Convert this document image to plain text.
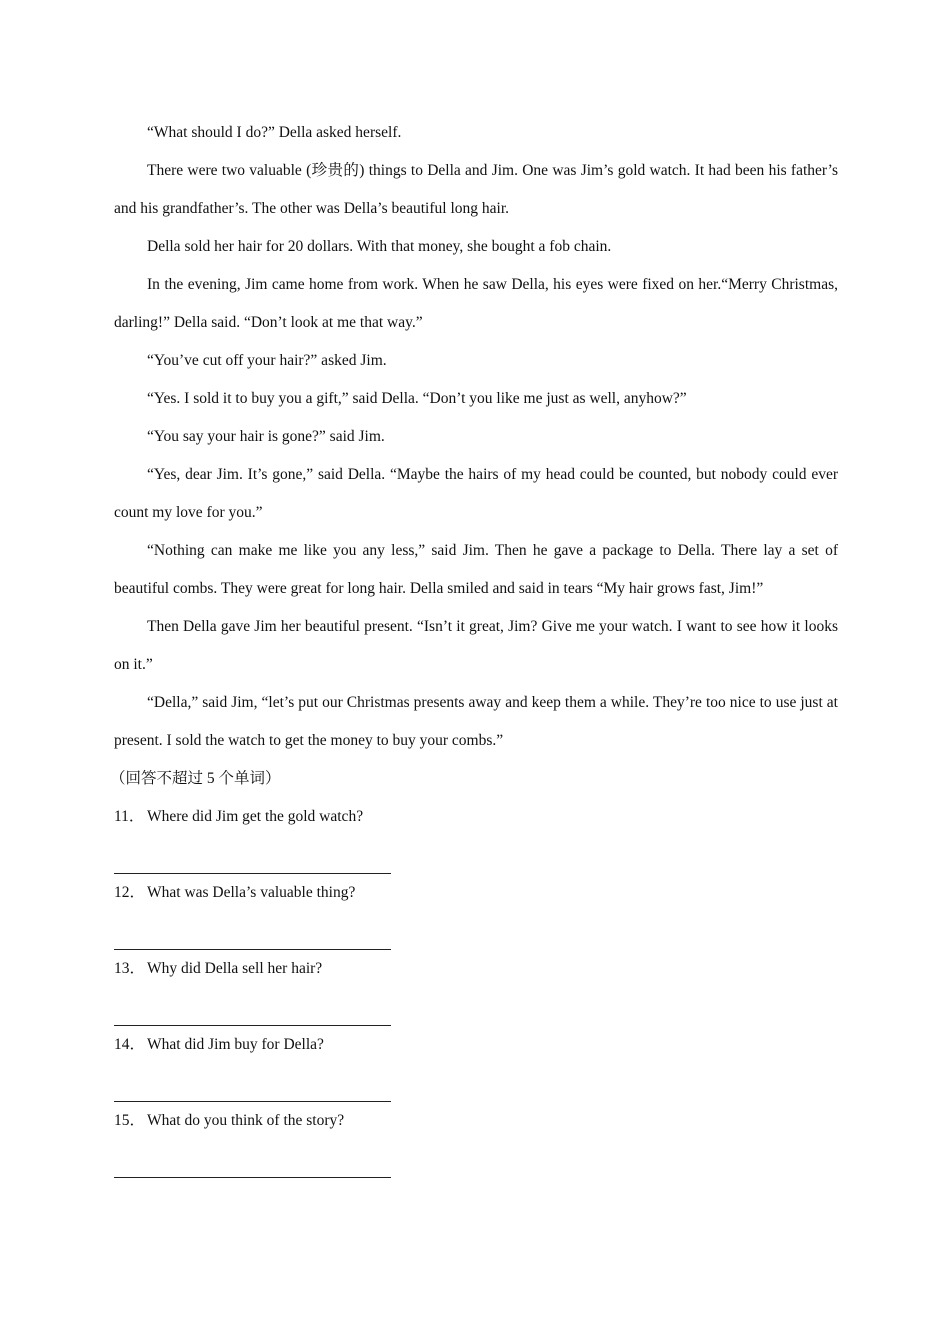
“What should I do?” Della asked herself.

There were two valuable (珍贵的) things to Della and Jim. One was Jim’s gold watch. It had been his father’s and his grandfather’s. The other was Della’s beautiful long hair.

Della sold her hair for 20 dollars. With that money, she bought a fob chain.

In the evening, Jim came home from work. When he saw Della, his eyes were fixed on her.“Merry Christmas, darling!” Della said. “Don’t look at me that way.”

“You’ve cut off your hair?” asked Jim.

“Yes. I sold it to buy you a gift,” said Della. “Don’t you like me just as well, anyhow?”

“You say your hair is gone?” said Jim.

“Yes, dear Jim. It’s gone,” said Della. “Maybe the hairs of my head could be counted, but nobody could ever count my love for you.”

“Nothing can make me like you any less,” said Jim. Then he gave a package to Della. There lay a set of beautiful combs. They were great for long hair. Della smiled and said in tears “My hair grows fast, Jim!”

Then Della gave Jim her beautiful present. “Isn’t it great, Jim? Give me your watch. I want to see how it looks on it.”

“Della,” said Jim, “let’s put our Christmas presents away and keep them a while. They’re too nice to use just at present. I sold the watch to get the money to buy your combs.”

（回答不超过 5 个单词）

11． Where did Jim get the gold watch?

12． What was Della’s valuable thing?

13． Why did Della sell her hair?

14． What did Jim buy for Della?

15． What do you think of the story?
